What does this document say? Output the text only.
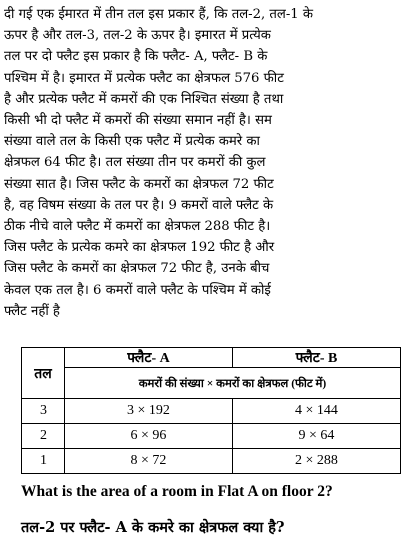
दी गई एक ईमारत में तीन तल इस प्रकार हैं, कि तल-2, तल-1 के
ऊपर है और तल-3, तल-2 के ऊपर है। इमारत में प्रत्येक
तल पर दो फ्लैट इस प्रकार है कि फ्लैट- A, फ्लैट- B के
पश्चिम में है। इमारत में प्रत्येक फ्लैट का क्षेत्रफल 576 फीट
है और प्रत्येक फ्लैट में कमरों की एक निश्चित संख्या है तथा
किसी भी दो फ्लैट में कमरों की संख्या समान नहीं है। सम
संख्या वाले तल के किसी एक फ्लैट में प्रत्येक कमरे का
क्षेत्रफल 64 फीट है। तल संख्या तीन पर कमरों की कुल
संख्या सात है। जिस फ्लैट के कमरों का क्षेत्रफल 72 फीट
है, वह विषम संख्या के तल पर है। 9 कमरों वाले फ्लैट के
ठीक नीचे वाले फ्लैट में कमरों का क्षेत्रफल 288 फीट है।
जिस फ्लैट के प्रत्येक कमरे का क्षेत्रफल 192 फीट है और
जिस फ्लैट के कमरों का क्षेत्रफल 72 फीट है, उनके बीच
केवल एक तल है। 6 कमरों वाले फ्लैट के पश्चिम में कोई
फ्लैट नहीं है
तल	फ्लैट- A	फ्लैट- B
	कमरों की संख्या × कमरों का क्षेत्रफल (फीट में)	
3	3 × 192	4 × 144
2	6 × 96	9 × 64
1	8 × 72	2 × 288
What is the area of a room in Flat A on floor 2?
तल-2 पर फ्लैट- A के कमरे का क्षेत्रफल क्या है?
